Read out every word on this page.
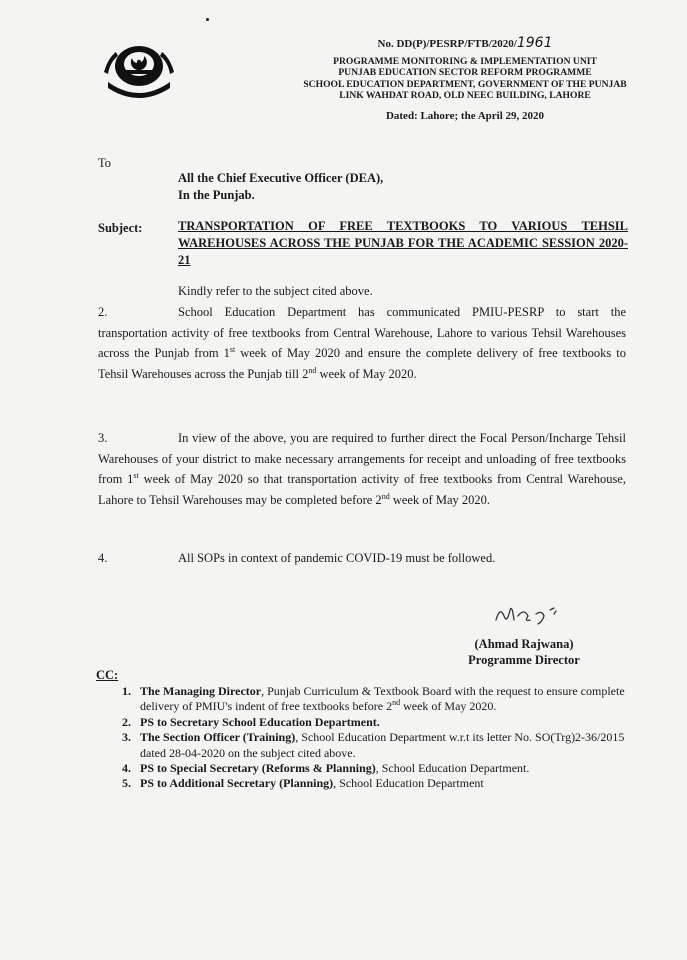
No. DD(P)/PESRP/FTB/2020/1961
PROGRAMME MONITORING & IMPLEMENTATION UNIT
PUNJAB EDUCATION SECTOR REFORM PROGRAMME
SCHOOL EDUCATION DEPARTMENT, GOVERNMENT OF THE PUNJAB
LINK WAHDAT ROAD, OLD NEEC BUILDING, LAHORE
Dated: Lahore; the April 29, 2020
To
All the Chief Executive Officer (DEA),
In the Punjab.
Subject:	TRANSPORTATION OF FREE TEXTBOOKS TO VARIOUS TEHSIL WAREHOUSES ACROSS THE PUNJAB FOR THE ACADEMIC SESSION 2020-21
Kindly refer to the subject cited above.
2.	School Education Department has communicated PMIU-PESRP to start the transportation activity of free textbooks from Central Warehouse, Lahore to various Tehsil Warehouses across the Punjab from 1st week of May 2020 and ensure the complete delivery of free textbooks to Tehsil Warehouses across the Punjab till 2nd week of May 2020.
3.	In view of the above, you are required to further direct the Focal Person/Incharge Tehsil Warehouses of your district to make necessary arrangements for receipt and unloading of free textbooks from 1st week of May 2020 so that transportation activity of free textbooks from Central Warehouse, Lahore to Tehsil Warehouses may be completed before 2nd week of May 2020.
4.	All SOPs in context of pandemic COVID-19 must be followed.
(Ahmad Rajwana)
Programme Director
CC:
1. The Managing Director, Punjab Curriculum & Textbook Board with the request to ensure complete delivery of PMIU's indent of free textbooks before 2nd week of May 2020.
2. PS to Secretary School Education Department.
3. The Section Officer (Training), School Education Department w.r.t its letter No. SO(Trg)2-36/2015 dated 28-04-2020 on the subject cited above.
4. PS to Special Secretary (Reforms & Planning), School Education Department.
5. PS to Additional Secretary (Planning), School Education Department
